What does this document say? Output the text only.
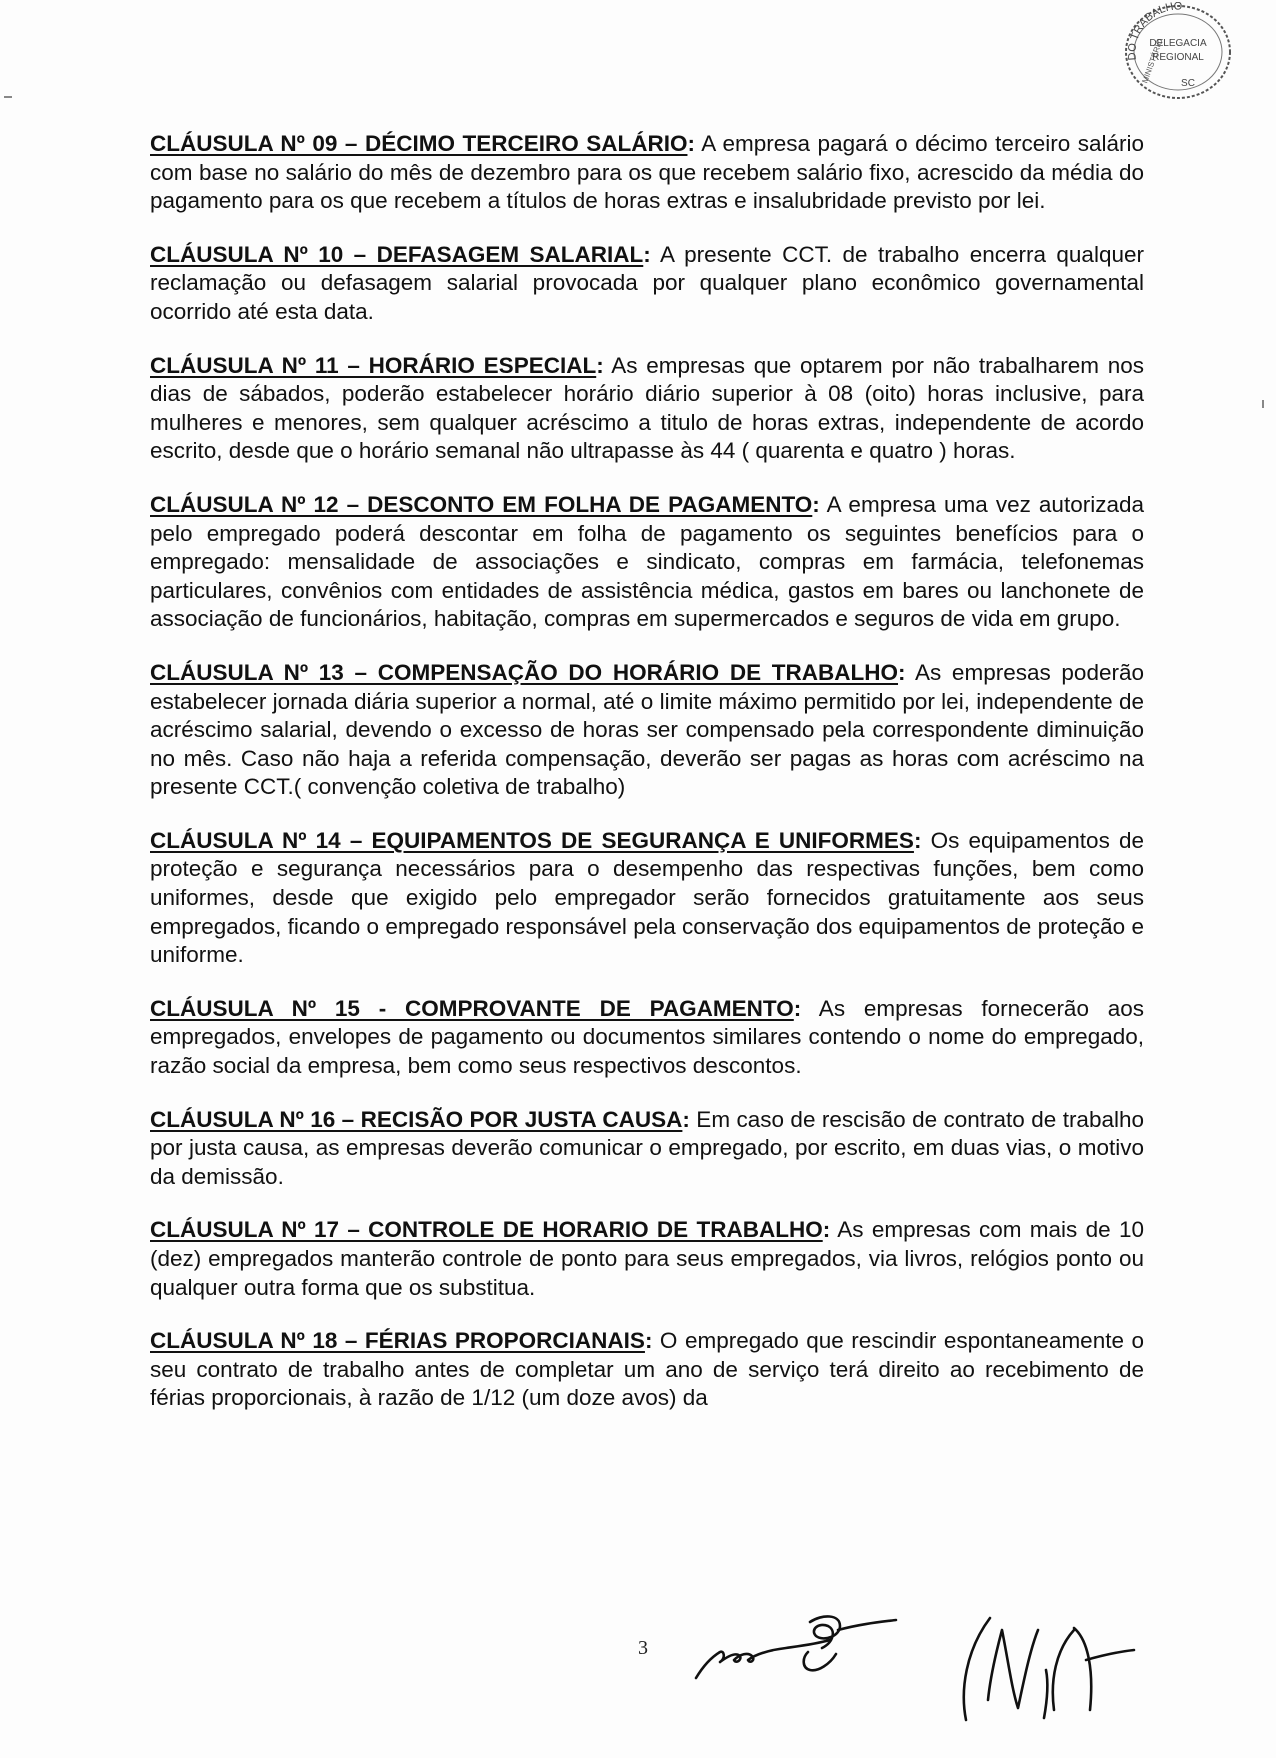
DO TRABALHO
MINISTÉRIO
DELEGACIA
REGIONAL
SC

CLÁUSULA Nº 09 – DÉCIMO TERCEIRO SALÁRIO: A empresa pagará o décimo terceiro salário com base no salário do mês de dezembro para os que recebem salário fixo, acrescido da média do pagamento para os que recebem a títulos de horas extras e insalubridade previsto por lei.

CLÁUSULA Nº 10 – DEFASAGEM SALARIAL: A presente CCT. de trabalho encerra qualquer reclamação ou defasagem salarial provocada por qualquer plano econômico governamental ocorrido até esta data.

CLÁUSULA Nº 11 – HORÁRIO ESPECIAL: As empresas que optarem por não trabalharem nos dias de sábados, poderão estabelecer horário diário superior à 08 (oito) horas inclusive, para mulheres e menores, sem qualquer acréscimo a titulo de horas extras, independente de acordo escrito, desde que o horário semanal não ultrapasse às 44 ( quarenta e quatro ) horas.

CLÁUSULA Nº 12 – DESCONTO EM FOLHA DE PAGAMENTO: A empresa uma vez autorizada pelo empregado poderá descontar em folha de pagamento os seguintes benefícios para o empregado: mensalidade de associações e sindicato, compras em farmácia, telefonemas particulares, convênios com entidades de assistência médica, gastos em bares ou lanchonete de associação de funcionários, habitação, compras em supermercados e seguros de vida em grupo.

CLÁUSULA Nº 13 – COMPENSAÇÃO DO HORÁRIO DE TRABALHO: As empresas poderão estabelecer jornada diária superior a normal, até o limite máximo permitido por lei, independente de acréscimo salarial, devendo o excesso de horas ser compensado pela correspondente diminuição no mês. Caso não haja a referida compensação, deverão ser pagas as horas com acréscimo na presente CCT.( convenção coletiva de trabalho)

CLÁUSULA Nº 14 – EQUIPAMENTOS DE SEGURANÇA E UNIFORMES: Os equipamentos de proteção e segurança necessários para o desempenho das respectivas funções, bem como uniformes, desde que exigido pelo empregador serão fornecidos gratuitamente aos seus empregados, ficando o empregado responsável pela conservação dos equipamentos de proteção e uniforme.

CLÁUSULA Nº 15 - COMPROVANTE DE PAGAMENTO: As empresas fornecerão aos empregados, envelopes de pagamento ou documentos similares contendo o nome do empregado, razão social da empresa, bem como seus respectivos descontos.

CLÁUSULA Nº 16 – RECISÃO POR JUSTA CAUSA: Em caso de rescisão de contrato de trabalho por justa causa, as empresas deverão comunicar o empregado, por escrito, em duas vias, o motivo da demissão.

CLÁUSULA Nº 17 – CONTROLE DE HORARIO DE TRABALHO: As empresas com mais de 10 (dez) empregados manterão controle de ponto para seus empregados, via livros, relógios ponto ou qualquer outra forma que os substitua.

CLÁUSULA Nº 18 – FÉRIAS PROPORCIANAIS: O empregado que rescindir espontaneamente o seu contrato de trabalho antes de completar um ano de serviço terá direito ao recebimento de férias proporcionais, à razão de 1/12 (um doze avos) da

3
